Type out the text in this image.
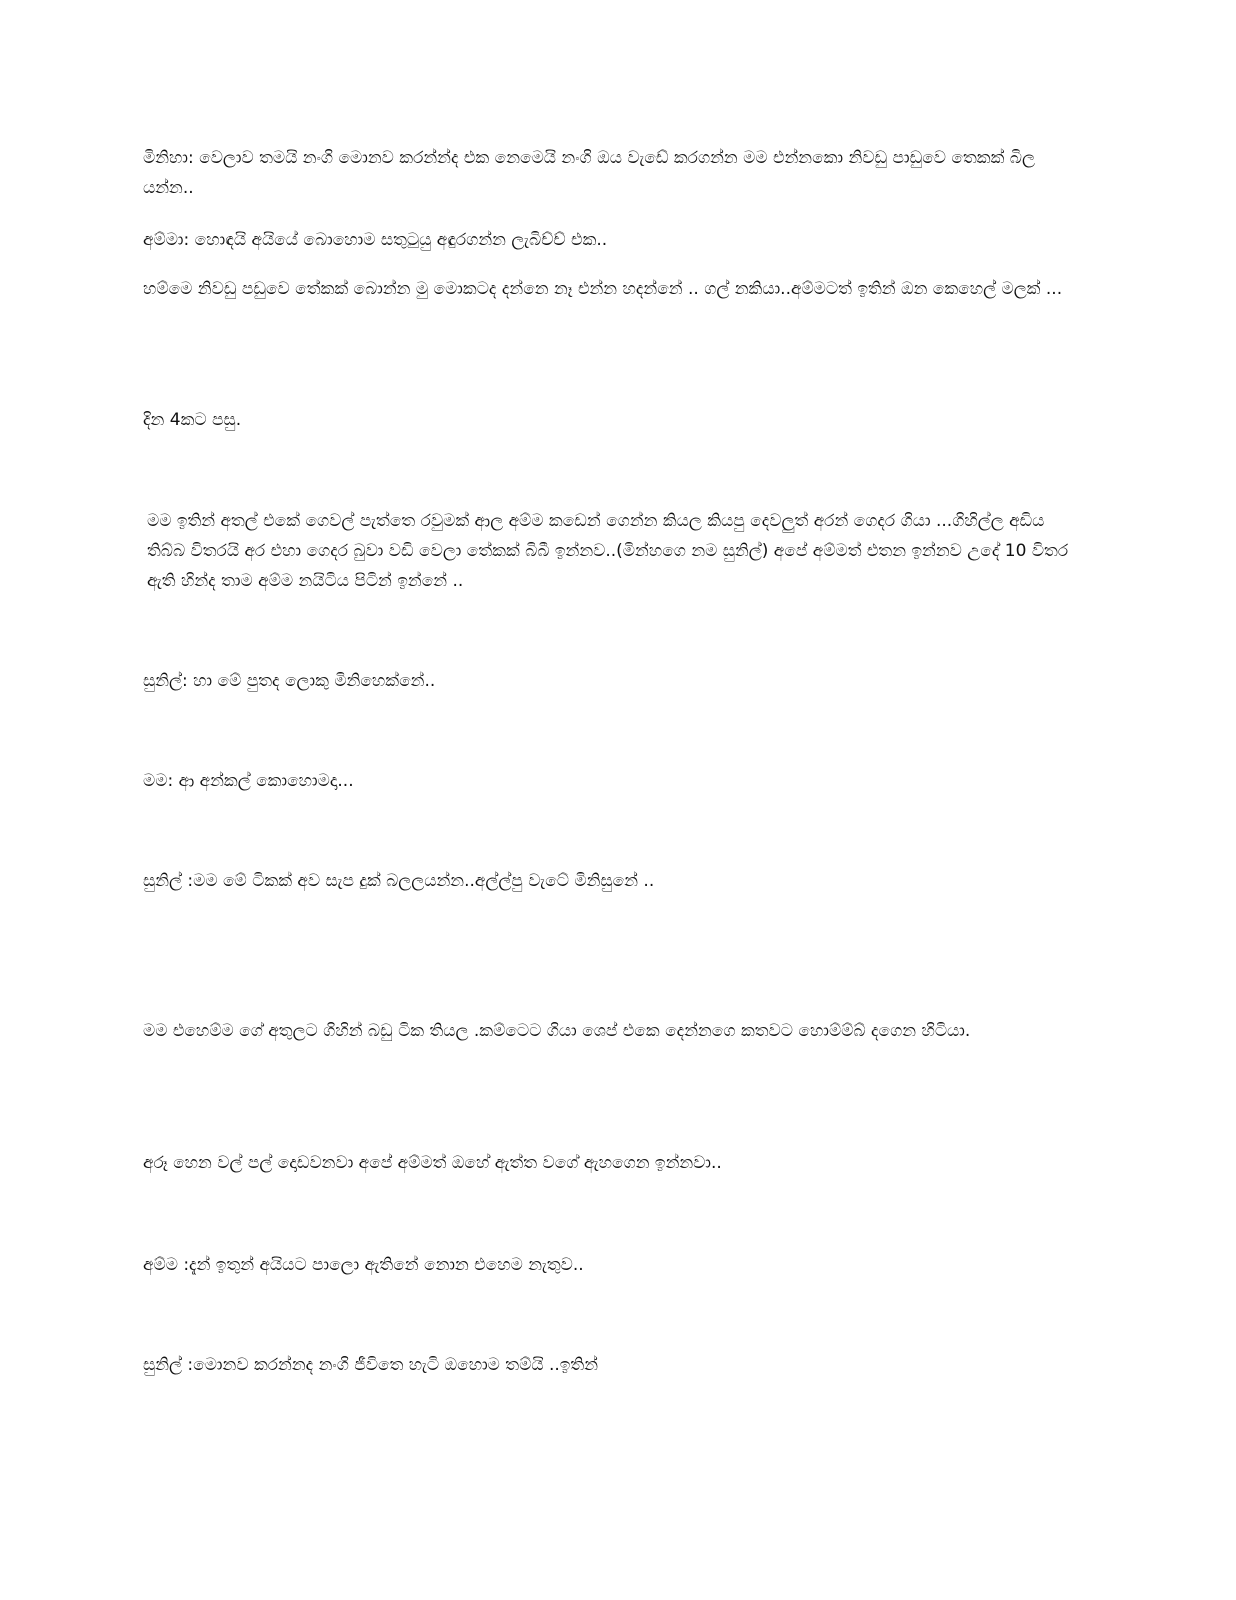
මිනිහා: වෙලාව තමයි නංගි මොනව කරන්න්ද එක නෙමෙයි නංගි ඔය වැඩේ කරගන්න මම එන්නකො නිවඩු පාඩුවෙ තෙකක් බිල යන්න..

අම්මා: හොඳයි අයියේ බොහොම සතුටුයු අඳුරගන්න ලැබිච්ච් එක..

හම්මෙ නිවඩු පඩුවෙ තේකක් බොන්න මු මොකටද දන්නෙ නෑ එන්න හදන්නේ .. ගල් නකියා..අම්මටත් ඉතින් ඔන කෙහෙල් මලක් ...

දින 4කට පසු.

මම ඉතින් අතල් එකේ ගෙවල් පැත්තෙ රවුමක් ආල අම්ම කඩෙන් ගෙන්න කියල කියපු දෙවලුත් අරන් ගෙදර ගියා ...ගිහිල්ල අඩිය තිබ්බ විතරයි අර එහා ගෙදර බුවා වඩි වෙලා තේකක් බිබී ඉන්නව..(මින්හගෙ නම සුනිල්) අපේ අම්මත් එතන ඉන්නව උදේ 10 විතර ඇති හින්ද තාම අම්ම නයිටිය පිටින් ඉන්නේ ..

සුනිල්: හා මේ පුතද ලොකු මිනිහෙක්නේ..

මම: ආ අන්කල් කොහොමදා...

සුනිල් :මම මේ ටිකක් අව සැප දුක් බලලයන්න..අල්ල්පු වැටේ මිනිසුනේ ..

මම එහෙම්ම ගේ අතුලට ගිහින් බඩු ටික තියල .කම්ටෙට ගියා ශෙප් එකෙ දෙන්නගෙ කතවට හොම්ම්බ් දගෙන හිටියා.

අරූ හෙන වල් පල් දොඩවනවා අපේ අම්මත් ඔහේ ඇත්ත වගේ ඇහගෙන ඉන්නවා..

අම්ම :දැන් ඉතුන් අයියට පාලො ඇතිනේ නොන එහෙම නැතුව..

සුනිල් :මොනව කරන්නද නංගි ජීවිතෙ හැටි ඔහොම තම්යි ..ඉතින්
